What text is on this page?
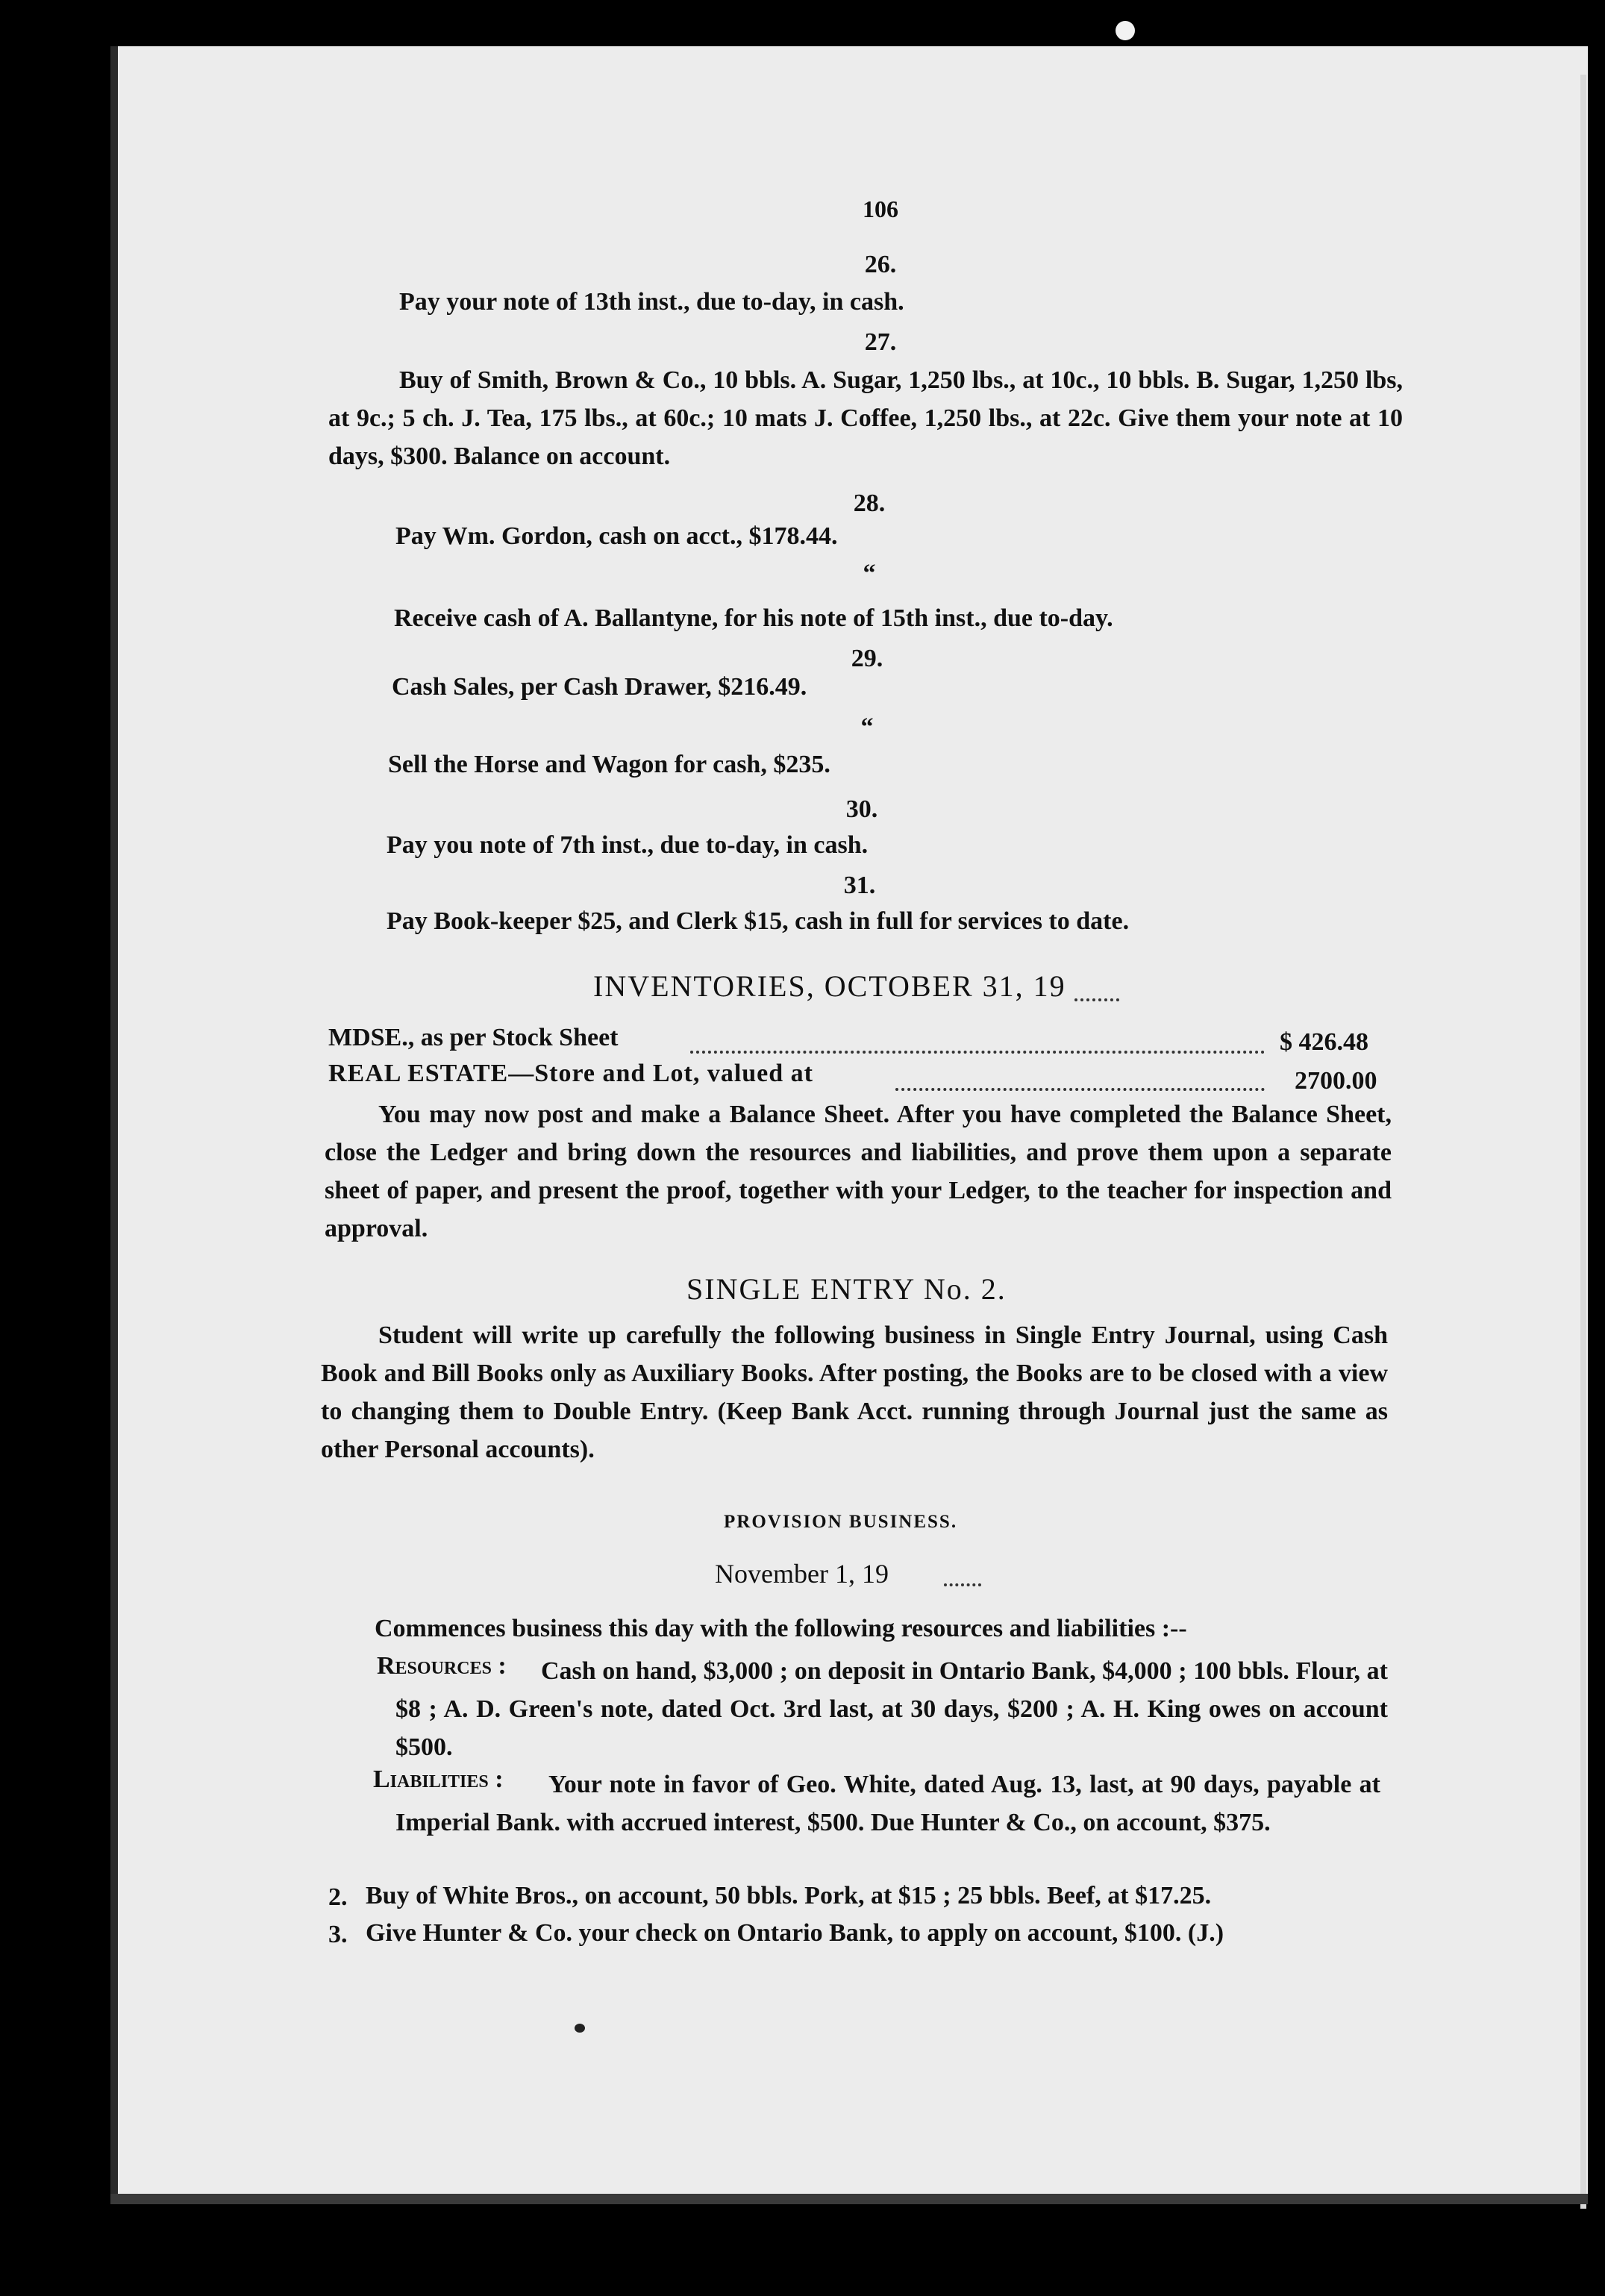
106
26.
Pay your note of 13th inst., due to-day, in cash.
27.
Buy of Smith, Brown & Co., 10 bbls. A. Sugar, 1,250 lbs., at 10c., 10 bbls. B. Sugar, 1,250 lbs, at 9c.; 5 ch. J. Tea, 175 lbs., at 60c.; 10 mats J. Coffee, 1,250 lbs., at 22c. Give them your note at 10 days, $300. Balance on account.
28.
Pay Wm. Gordon, cash on acct., $178.44.
“
Receive cash of A. Ballantyne, for his note of 15th inst., due to-day.
29.
Cash Sales, per Cash Drawer, $216.49.
“
Sell the Horse and Wagon for cash, $235.
30.
Pay you note of 7th inst., due to-day, in cash.
31.
Pay Book-keeper $25, and Clerk $15, cash in full for services to date.
INVENTORIES, OCTOBER 31, 19
MDSE., as per Stock Sheet	$ 426.48
REAL ESTATE—Store and Lot, valued at	2700.00
You may now post and make a Balance Sheet. After you have completed the Balance Sheet, close the Ledger and bring down the resources and liabilities, and prove them upon a separate sheet of paper, and present the proof, together with your Ledger, to the teacher for inspection and approval.
SINGLE ENTRY No. 2.
Student will write up carefully the following business in Single Entry Journal, using Cash Book and Bill Books only as Auxiliary Books. After posting, the Books are to be closed with a view to changing them to Double Entry. (Keep Bank Acct. running through Journal just the same as other Personal accounts).
PROVISION BUSINESS.
November 1, 19
Commences business this day with the following resources and liabilities :--
Resources :	Cash on hand, $3,000 ; on deposit in Ontario Bank, $4,000 ; 100 bbls. Flour, at $8 ; A. D. Green's note, dated Oct. 3rd last, at 30 days, $200 ; A. H. King owes on account $500.
Liabilities :	Your note in favor of Geo. White, dated Aug. 13, last, at 90 days, payable at Imperial Bank. with accrued interest, $500. Due Hunter & Co., on account, $375.
2. Buy of White Bros., on account, 50 bbls. Pork, at $15 ; 25 bbls. Beef, at $17.25.
3. Give Hunter & Co. your check on Ontario Bank, to apply on account, $100. (J.)
